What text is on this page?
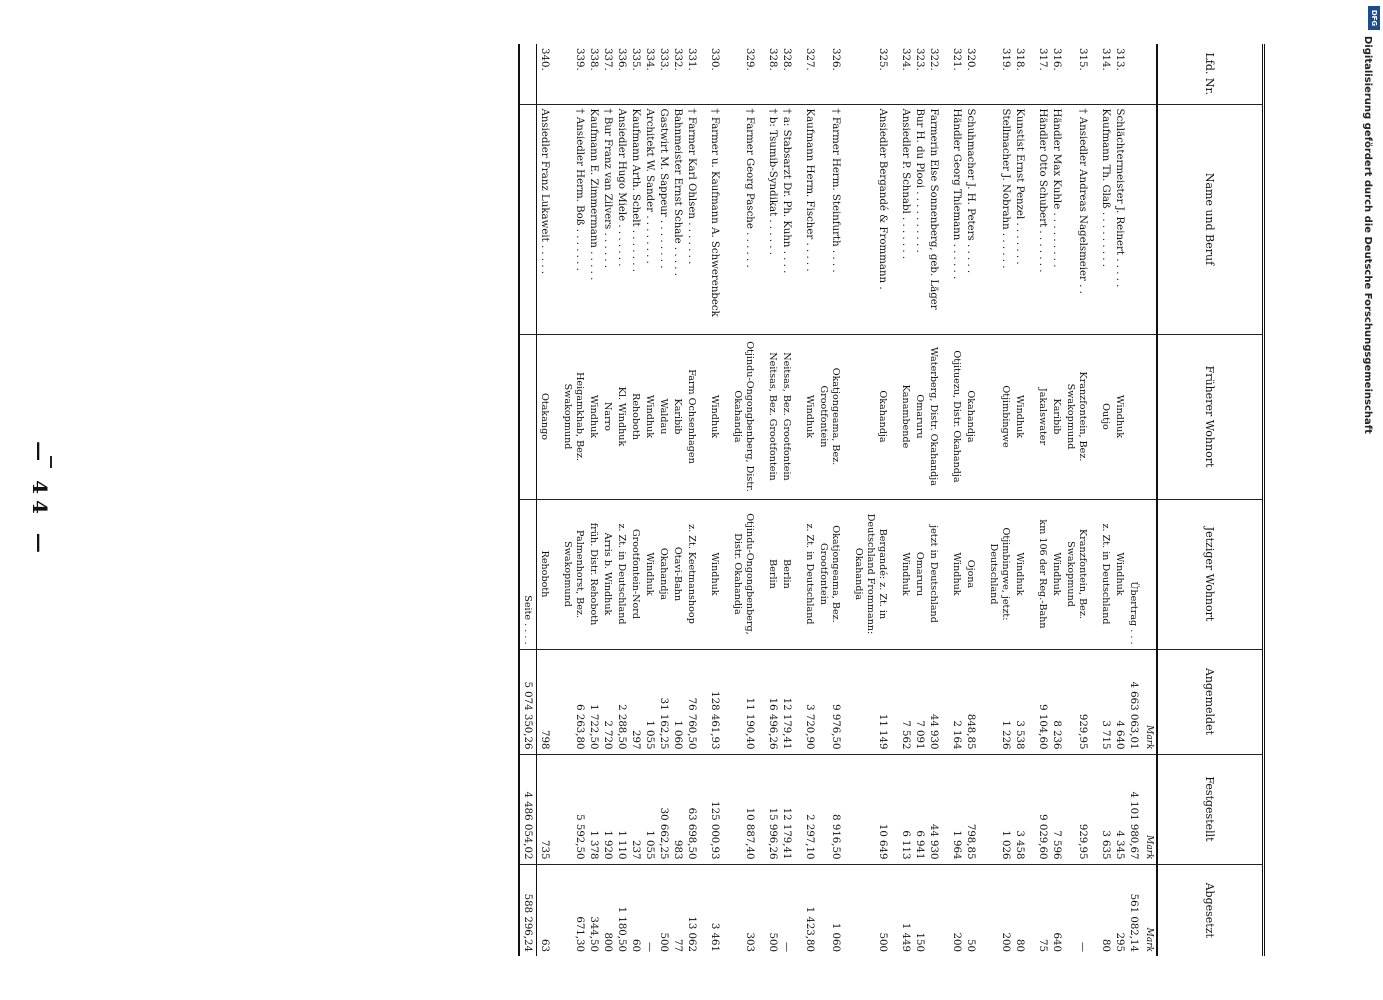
DFG
Digitalisierung gefördert durch die Deutsche Forschungsgemeinschaft
— 44 —
Lfd. Nr.	Name und Beruf	Früherer Wohnort	Jetziger Wohnort	Angemeldet	Festgestellt	Abgesetzt
				Mark	Mark	Mark
			Übertrag . . .	4 663 063,01	4 101 980,67	561 082,14
313.	Schlächtermeister J. Reinert . . . . .	Windhuk	Windhuk	4 640	4 345	295
314.	Kaufmann Th. Glaß . . . . . . . . .	Outjo	z. Zt. in Deutschland	3 715	3 635	80

315.	† Ansiedler Andreas Nagelsmeier . .	Kranzfontein, Bez. Swakopmund	Kranzfontein, Bez. Swakopmund	929,95	929,95	—
316.	Händler Max Kuhle . . . . . . . . .	Karibib	Windhuk	8 236	7 596	640
317.	Händler Otto Schubert . . . . . . .	Jakalswater	km 106 der Reg.-Bahn	9 104,60	9 029,60	75

318.	Kunstist Ernst Penzel . . . . . . .	Windhuk	Windhuk	3 538	3 458	80
319.	Stellmacher J. Nobrahn . . . . . .	Otjimbingwe	Otjimbingwe, jetzt: Deutschland	1 226	1 026	200

320.	Schuhmacher J. H. Peters . . . . .	Okahandja	Ojona	848,85	798,85	50
321.	Händler Georg Thiemann . . . . . .	Otjituezu, Distr. Okahandja	Windhuk	2 164	1 964	200

322.	Farmerin Else Sonnenberg, geb. Läger	Waterberg, Distr. Okahandja	jetzt in Deutschland	44 930	44 930	
323.	Bur H. du Plooi . . . . . . . . . .	Omaruru	Omaruru	7 091	6 941	150
324.	Ansiedler P. Schnabl . . . . . . .	Kanambende	Windhuk	7 562	6 113	1 449

325.	Ansiedler Bergandé & Frommann .	Okahandja	Bergandé: z. Zt. in Deutschland Frommann: Okahandja	11 149	10 649	500

326.	† Farmer Herm. Steinfurth . . . .	Okatjongeama, Bez. Grootfontein	Okatjongeama, Bez. Grootfontein	9 976,50	8 916,50	1 060
327.	Kaufmann Herm. Fischer . . . . .	Windhuk	z. Zt. in Deutschland	3 720,90	2 297,10	1 423,80

328.	† a: Stabsarzt Dr. Ph. Kuhn . . . .	Neitsas, Bez. Grootfontein	Berlin	12 179,41	12 179,41	—
328.	† b: Tsumib-Syndikat . . . . . .	Neitsas, Bez. Grootfontein	Berlin	16 496,26	15 996,26	500

329.	† Farmer Georg Pasche . . . . . .	Otjindu-Ongongbenberg, Distr. Okahandja	Otjindu-Ongongbenberg, Distr. Okahandja	11 190,40	10 887,40	303

330.	† Farmer u. Kaufmann A. Schwerenbeck	Windhuk	Windhuk	128 461,93	125 000,93	3 461

331.	† Farmer Karl Ohlsen . . . . . . .	Farm Ochsenhagen	z. Zt. Keetmanshoop	76 760,50	63 698,50	13 062
332.	Bahnmeister Ernst Schale . . . . .	Karibib	Otavi-Bahn	1 060	983	77
333.	Gastwirt M. Sappeur . . . . . . . .	Waldau	Okahandja	31 162,25	30 662,25	500
334.	Architekt W. Sander . . . . . . . .	Windhuk	Windhuk	1 055	1 055	—
335.	Kaufmann Arth. Schelt . . . . . . .	Rehoboth	Grootfontein-Nord	297	237	60
336.	Ansiedler Hugo Miele . . . . . . .	Kl. Windhuk	z. Zt. in Deutschland	2 288,50	1 110	1 180,50
337.	† Bur Franz van Zilvers . . . . . .	Narro	Arris b. Windhuk	2 720	1 920	800
338.	Kaufmann E. Zimmermann . . . . .	Windhuk	früh. Distr. Rehoboth	1 722,50	1 378	344,50
339.	† Ansiedler Herm. Boß . . . . . . .	Heigamkhab, Bez. Swakopmund	Palmenhorst, Bez. Swakopmund	6 263,80	5 592,50	671,30

340.	Ansiedler Franz Lukaweit . . . . .	Otakango	Rehoboth	798	735	63
			Seite . . . .	5 074 350,26	4 486 054,02	588 296,24
